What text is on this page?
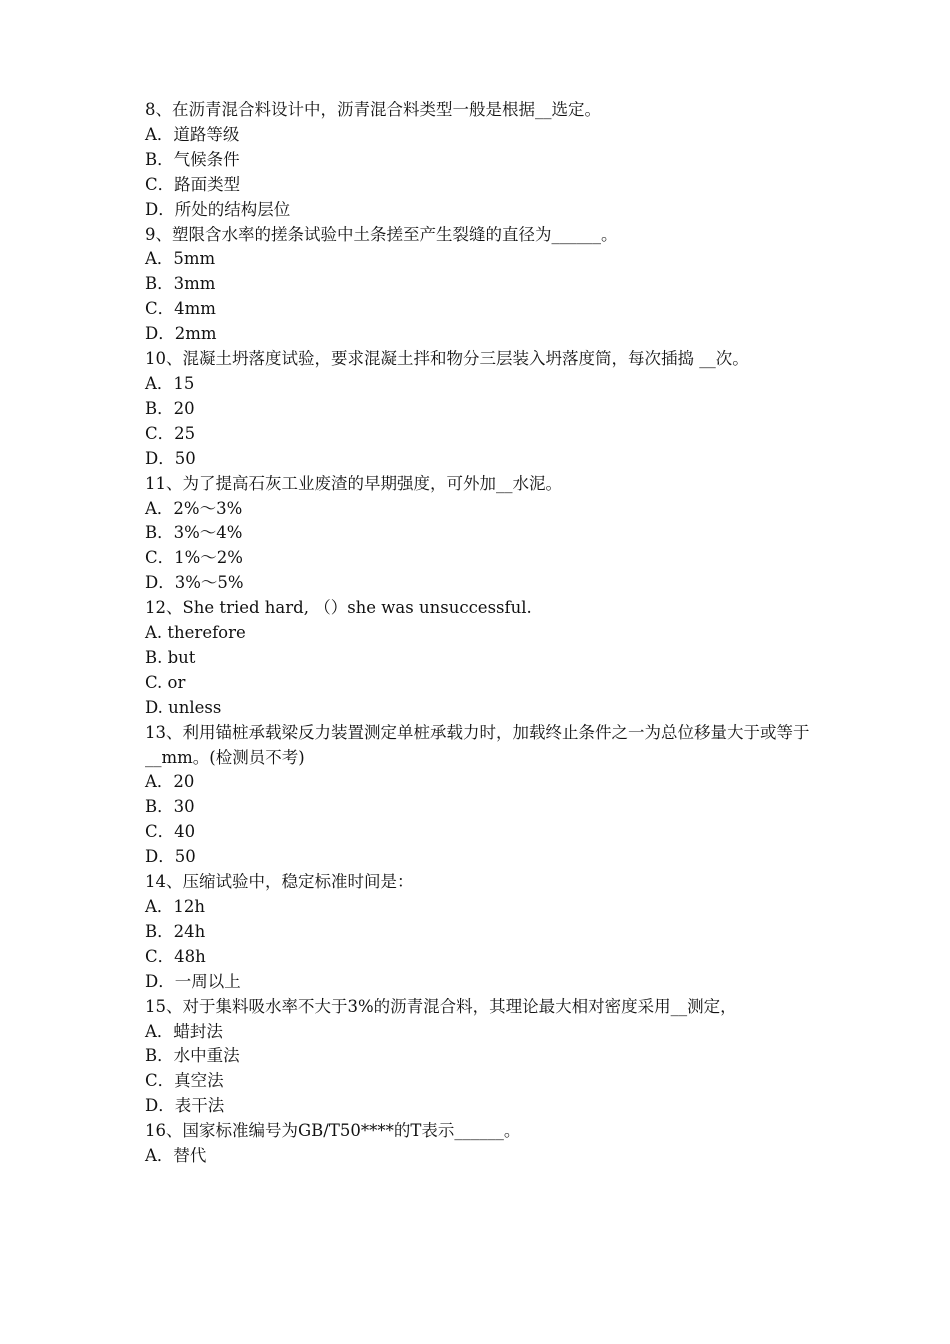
8、在沥青混合料设计中，沥青混合料类型一般是根据__选定。

A．道路等级

B．气候条件

C．路面类型

D．所处的结构层位

9、塑限含水率的搓条试验中土条搓至产生裂缝的直径为______。

A．5mm

B．3mm

C．4mm

D．2mm

10、混凝土坍落度试验，要求混凝土拌和物分三层装入坍落度筒，每次插捣 __次。

A．15

B．20

C．25

D．50

11、为了提高石灰工业废渣的早期强度，可外加__水泥。

A．2%～3%

B．3%～4%

C．1%～2%

D．3%～5%

12、She tried hard, （）she was unsuccessful.

A. therefore

B. but

C. or

D. unless

13、利用锚桩承载梁反力装置测定单桩承载力时，加载终止条件之一为总位移量大于或等于__mm。(检测员不考)

A．20

B．30

C．40

D．50

14、压缩试验中，稳定标准时间是：

A．12h

B．24h

C．48h

D．一周以上

15、对于集料吸水率不大于3%的沥青混合料，其理论最大相对密度采用__测定，

A．蜡封法

B．水中重法

C．真空法

D．表干法

16、国家标准编号为GB/T50****的T表示______。

A．替代
